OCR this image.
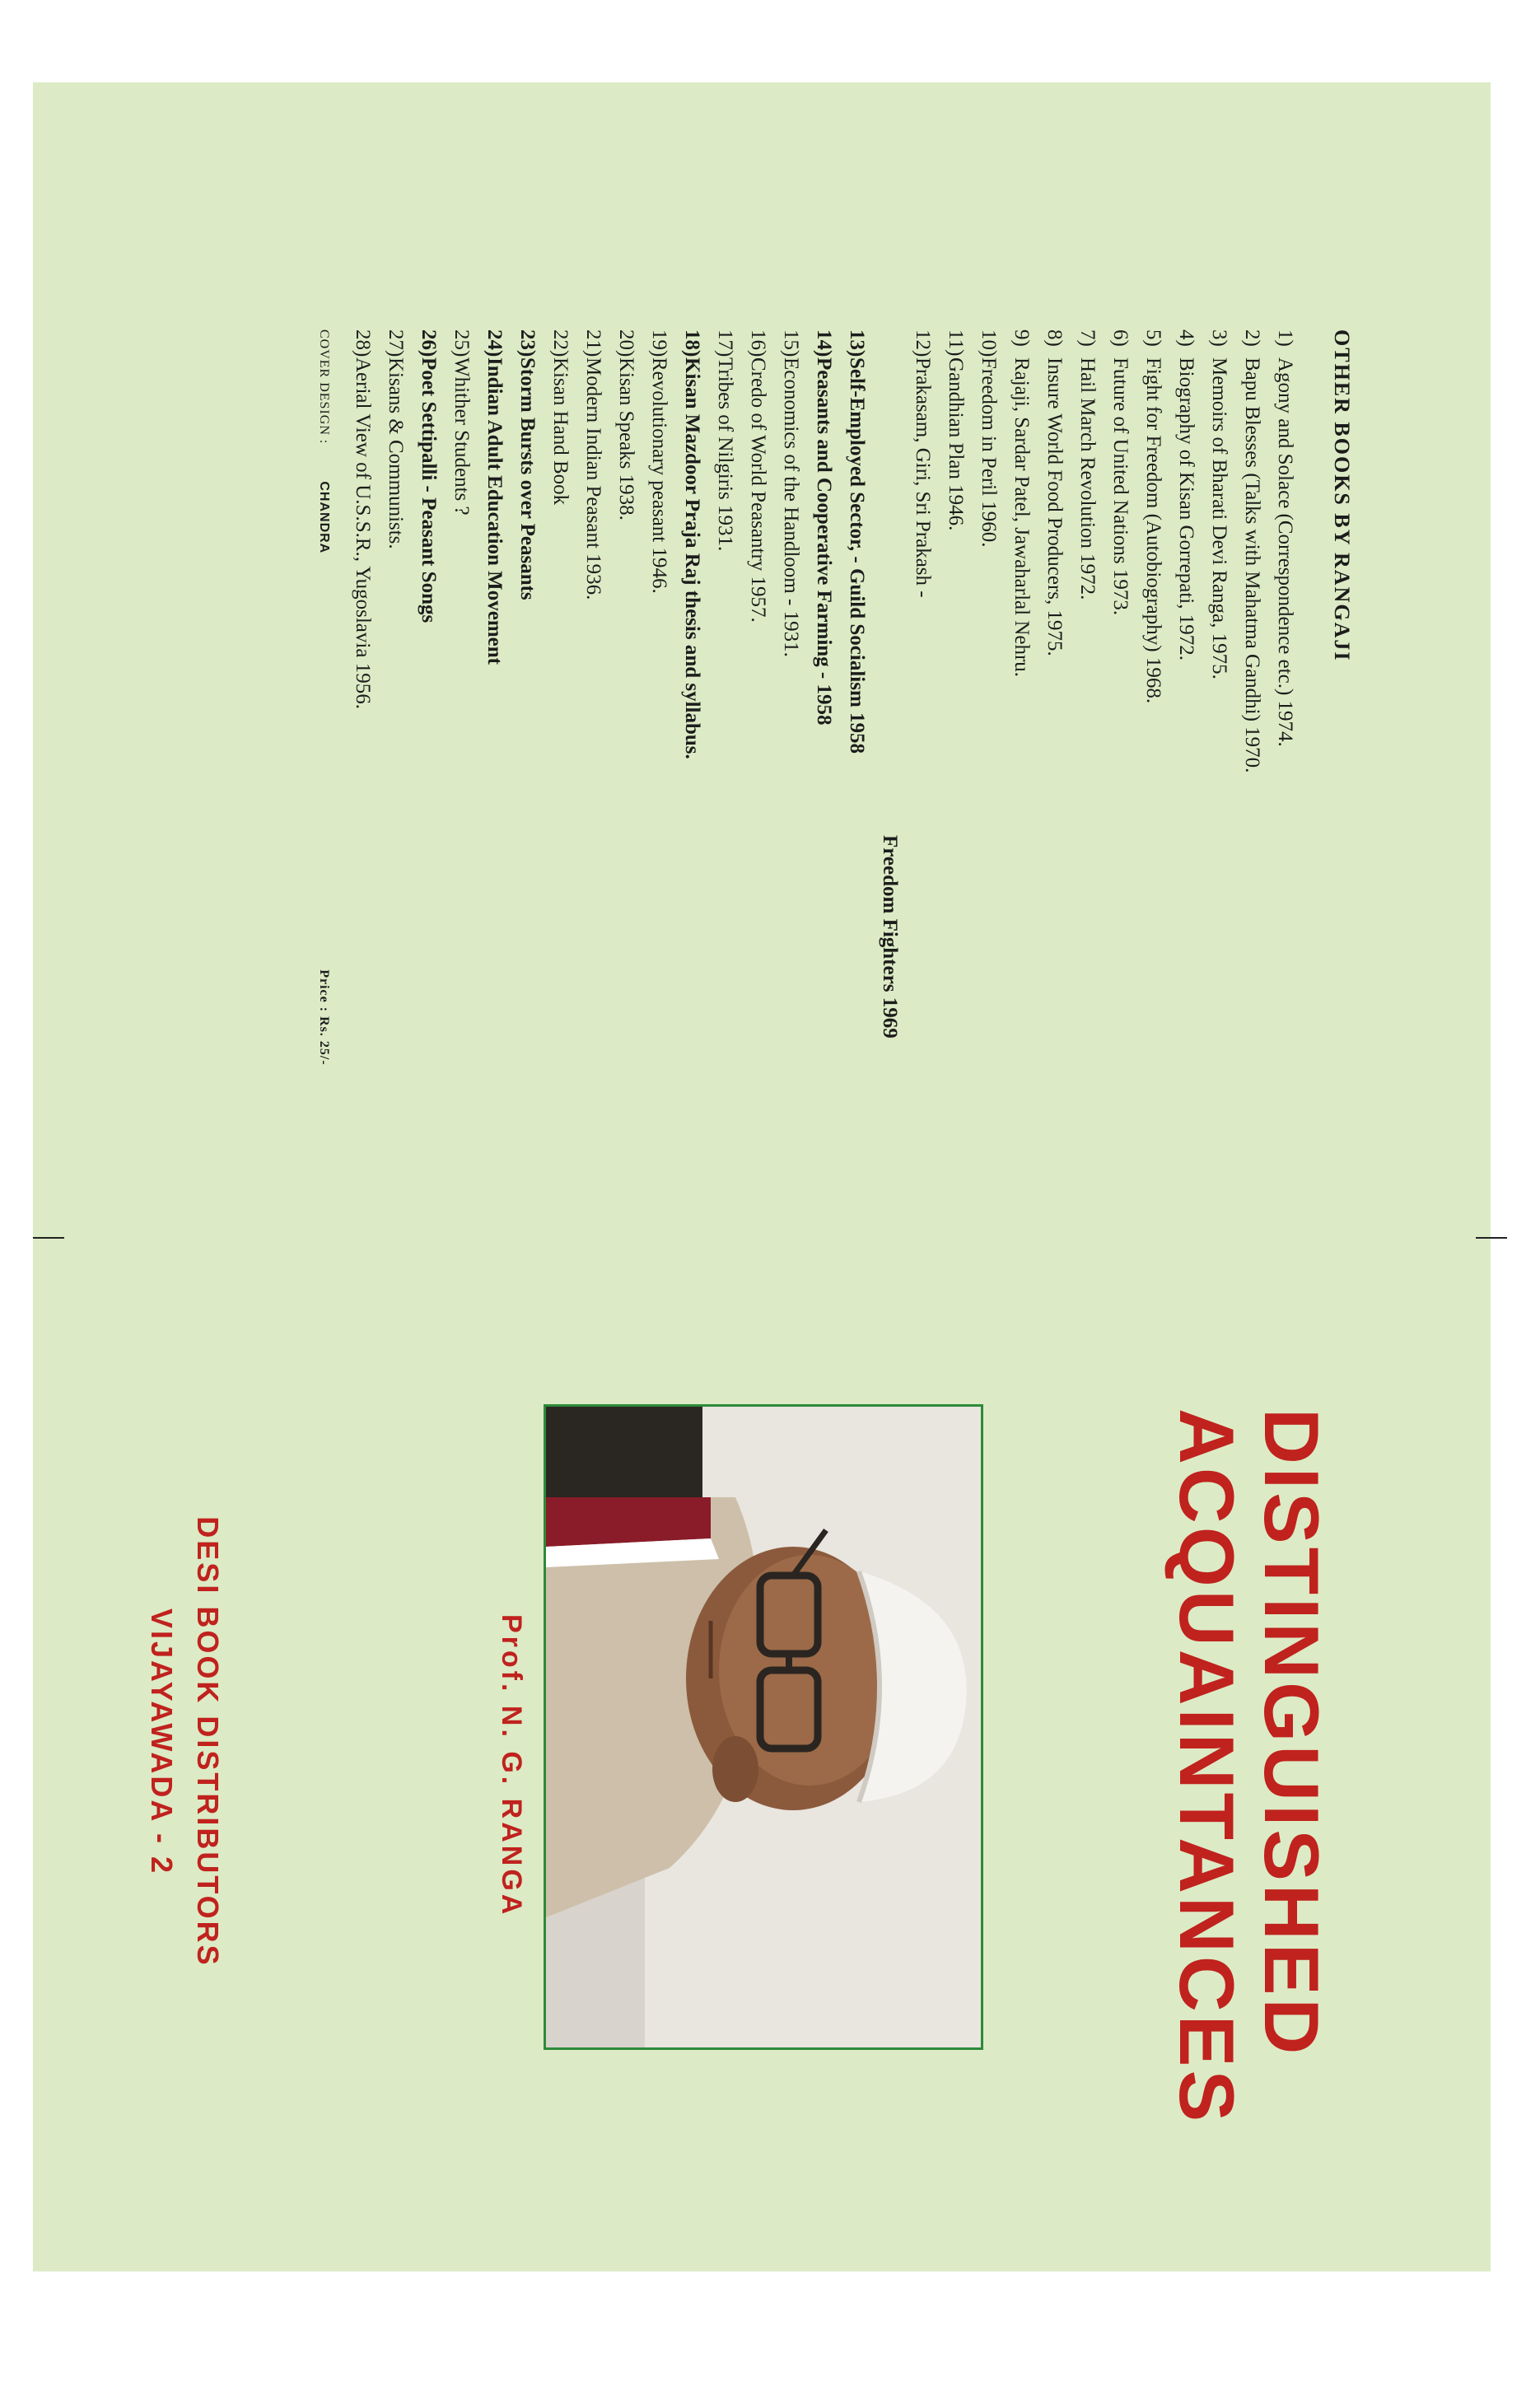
OTHER BOOKS BY RANGAJI
1)Agony and Solace (Correspondence etc.) 1974.
2)Bapu Blesses (Talks with Mahatma Gandhi) 1970.
3)Memoirs of Bharati Devi Ranga, 1975.
4)Biography of Kisan Gorrepati, 1972.
5)Fight for Freedom (Autobiography) 1968.
6)Future of United Nations 1973.
7)Hail March Revolution 1972.
8)Insure World Food Producers, 1975.
9)Rajaji, Sardar Patel, Jawaharlal Nehru.
10)Freedom in Peril 1960.
11)Gandhian Plan 1946.
12)Prakasam, Giri, Sri Prakash -
Freedom Fighters 1969
13)Self-Employed Sector, - Guild Socialism 1958
14)Peasants and Cooperative Farming - 1958
15)Economics of the Handloom - 1931.
16)Credo of World Peasantry 1957.
17)Tribes of Nilgiris 1931.
18)Kisan Mazdoor Praja Raj thesis and syllabus.
19)Revolutionary peasant 1946.
20)Kisan Speaks 1938.
21)Modern Indian Peasant 1936.
22)Kisan Hand Book
23)Storm Bursts over Peasants
24)Indian Adult Education Movement
25)Whither Students ?
26)Poet Settipalli - Peasant Songs
27)Kisans & Communists.
28)Aerial View of U.S.S.R., Yugoslavia 1956.
COVER DESIGN : CHANDRA Price : Rs. 25/-
DISTINGUISHED
ACQUAINTANCES
Prof. N. G. RANGA
DESI BOOK DISTRIBUTORS
VIJAYAWADA - 2
